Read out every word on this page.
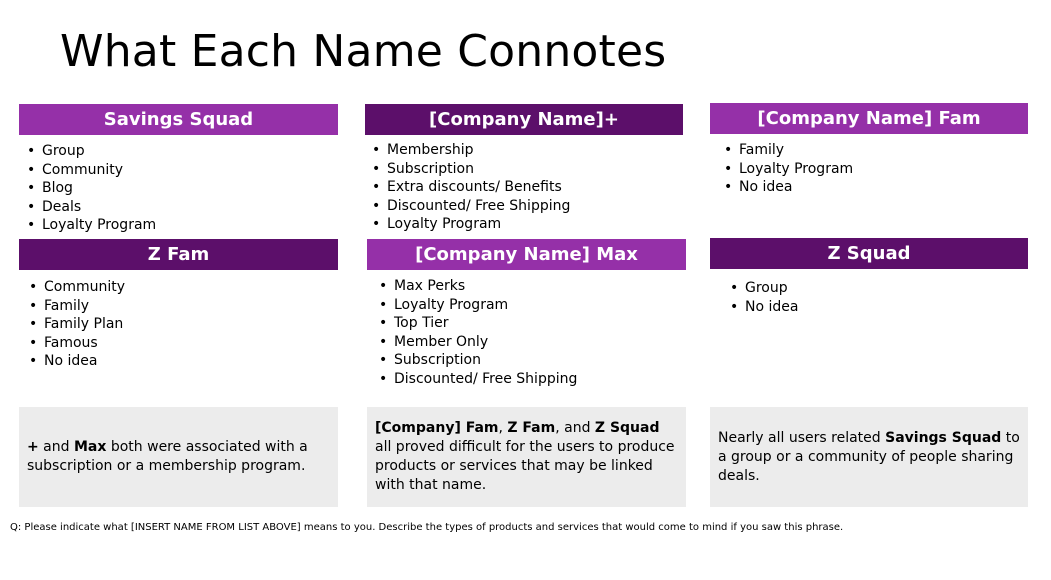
What Each Name Connotes
Savings Squad	[Company Name]+	[Company Name] Fam
• Group
• Community
• Blog
• Deals
• Loyalty Program
• Membership
• Subscription
• Extra discounts/ Benefits
• Discounted/ Free Shipping
• Loyalty Program
• Family
• Loyalty Program
• No idea
Z Fam	[Company Name] Max	Z Squad
• Community
• Family
• Family Plan
• Famous
• No idea
• Max Perks
• Loyalty Program
• Top Tier
• Member Only
• Subscription
• Discounted/ Free Shipping
• Group
• No idea
+ and Max both were associated with a subscription or a membership program.
[Company] Fam, Z Fam, and Z Squad all proved difficult for the users to produce products or services that may be linked with that name.
Nearly all users related Savings Squad to a group or a community of people sharing deals.
Q: Please indicate what [INSERT NAME FROM LIST ABOVE] means to you. Describe the types of products and services that would come to mind if you saw this phrase.
